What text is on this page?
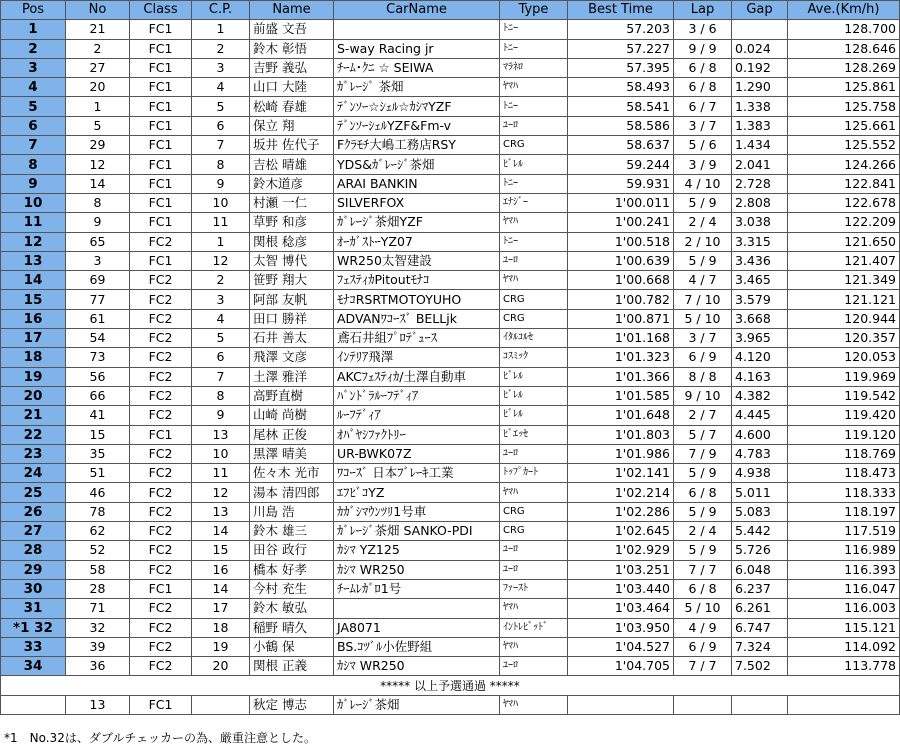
Pos	No	Class	C.P.	Name	CarName	Type	Best Time	Lap	Gap	Ave.(Km/h)
1	21	FC1	1	前盛 文吾		ﾄﾆｰ	57.203	3 / 6		128.700
2	2	FC1	2	鈴木 彰悟	S-way Racing jr	ﾄﾆｰ	57.227	9 / 9	0.024	128.646
3	27	FC1	3	吉野 義弘	ﾁｰﾑ･ｸﾆ ☆ SEIWA	ﾏﾗﾈﾛ	57.395	6 / 8	0.192	128.269
4	20	FC1	4	山口 大陸	ｶﾞﾚｰｼﾞ 茶畑	ﾔﾏﾊ	58.493	6 / 8	1.290	125.861
5	1	FC1	5	松崎 春雄	ﾃﾞﾝｿｰ☆ｼｪﾙ☆ｶｼﾏYZF	ﾄﾆｰ	58.541	6 / 7	1.338	125.758
6	5	FC1	6	保立 翔	ﾃﾞﾝｿｰｼｪﾙYZF&Fm-v	ﾕｰﾛ	58.586	3 / 7	1.383	125.661
7	29	FC1	7	坂井 佐代子	Fｸﾗﾓﾁ大嶋工務店RSY	CRG	58.637	5 / 6	1.434	125.552
8	12	FC1	8	吉松 晴雄	YDS&ｶﾞﾚｰｼﾞ茶畑	ﾋﾞﾚﾙ	59.244	3 / 9	2.041	124.266
9	14	FC1	9	鈴木道彦	ARAI BANKIN	ﾄﾆｰ	59.931	4 / 10	2.728	122.841
10	8	FC1	10	村瀬 一仁	SILVERFOX	ｴﾅｼﾞｰ	1'00.011	5 / 9	2.808	122.678
11	9	FC1	11	草野 和彦	ｶﾞﾚｰｼﾞ茶畑YZF	ﾔﾏﾊ	1'00.241	2 / 4	3.038	122.209
12	65	FC2	1	関根 稔彦	ｵｰｶﾞｽﾄｰYZ07	ﾄﾆｰ	1'00.518	2 / 10	3.315	121.650
13	3	FC1	12	太智 博代	WR250太智建設	ﾕｰﾛ	1'00.639	5 / 9	3.436	121.407
14	69	FC2	2	笹野 翔大	ﾌｪｽﾃｨｶPitoutﾓﾅｺ	ﾔﾏﾊ	1'00.668	4 / 7	3.465	121.349
15	77	FC2	3	阿部 友帆	ﾓﾅｺRSRTMOTOYUHO	CRG	1'00.782	7 / 10	3.579	121.121
16	61	FC2	4	田口 勝祥	ADVANﾜｺｰｽﾞ BELLjk	CRG	1'00.871	5 / 10	3.668	120.944
17	54	FC2	5	石井 善太	鳶石井組ﾌﾟﾛﾃﾞｭｰｽ	ｲﾀﾙｺﾙｾ	1'01.168	3 / 7	3.965	120.357
18	73	FC2	6	飛澤 文彦	ｲﾝﾃﾘｱ飛澤	ｺｽﾐｯｸ	1'01.323	6 / 9	4.120	120.053
19	56	FC2	7	土澤 雅洋	AKCﾌｪｽﾃｨｶ/土澤自動車	ﾋﾞﾚﾙ	1'01.366	8 / 8	4.163	119.969
20	66	FC2	8	高野直樹	ﾊﾞﾝﾄﾞﾗﾙｰﾌﾃﾞｨｱ	ﾋﾞﾚﾙ	1'01.585	9 / 10	4.382	119.542
21	41	FC2	9	山崎 尚樹	ﾙｰﾌﾃﾞｨｱ	ﾋﾞﾚﾙ	1'01.648	2 / 7	4.445	119.420
22	15	FC1	13	尾林 正俊	ｵﾊﾞﾔｼﾌｧｸﾄﾘｰ	ﾋﾞｴｯｾ	1'01.803	5 / 7	4.600	119.120
23	35	FC2	10	黒澤 晴美	UR-BWK07Z	ﾕｰﾛ	1'01.986	7 / 9	4.783	118.769
24	51	FC2	11	佐々木 光市	ﾜｺｰｽﾞ 日本ﾌﾞﾚｰｷ工業	ﾄｯﾌﾟｶｰﾄ	1'02.141	5 / 9	4.938	118.473
25	46	FC2	12	湯本 清四郎	ｴﾌﾋﾞｺYZ	ﾔﾏﾊ	1'02.214	6 / 8	5.011	118.333
26	78	FC2	13	川島 浩	ｶｶﾞｼﾏｳﾝﾂﾘ1号車	CRG	1'02.286	5 / 9	5.083	118.197
27	62	FC2	14	鈴木 雄三	ｶﾞﾚｰｼﾞ茶畑 SANKO-PDI	CRG	1'02.645	2 / 4	5.442	117.519
28	52	FC2	15	田谷 政行	ｶｼﾏ YZ125	ﾕｰﾛ	1'02.929	5 / 9	5.726	116.989
29	58	FC2	16	橋本 好孝	ｶｼﾏ WR250	ﾕｰﾛ	1'03.251	7 / 7	6.048	116.393
30	28	FC1	14	今村 充生	ﾁｰﾑﾚｶﾞﾛ1号	ﾌｧｰｽﾄ	1'03.440	6 / 8	6.237	116.047
31	71	FC2	17	鈴木 敏弘		ﾔﾏﾊ	1'03.464	5 / 10	6.261	116.003
*1 32	32	FC2	18	稲野 晴久	JA8071	ｲﾝﾄﾚﾋﾞｯﾄﾞ	1'03.950	4 / 9	6.747	115.121
33	39	FC2	19	小鶴 保	BS.ｺﾂﾞﾙ小佐野組	ﾔﾏﾊ	1'04.527	6 / 9	7.324	114.092
34	36	FC2	20	関根 正義	ｶｼﾏ WR250	ﾕｰﾛ	1'04.705	7 / 7	7.502	113.778
***** 以上予選通過 *****										
	13	FC1		秋定 博志	ｶﾞﾚｰｼﾞ茶畑	ﾔﾏﾊ				
*1　No.32は、ダブルチェッカーの為、厳重注意とした。
